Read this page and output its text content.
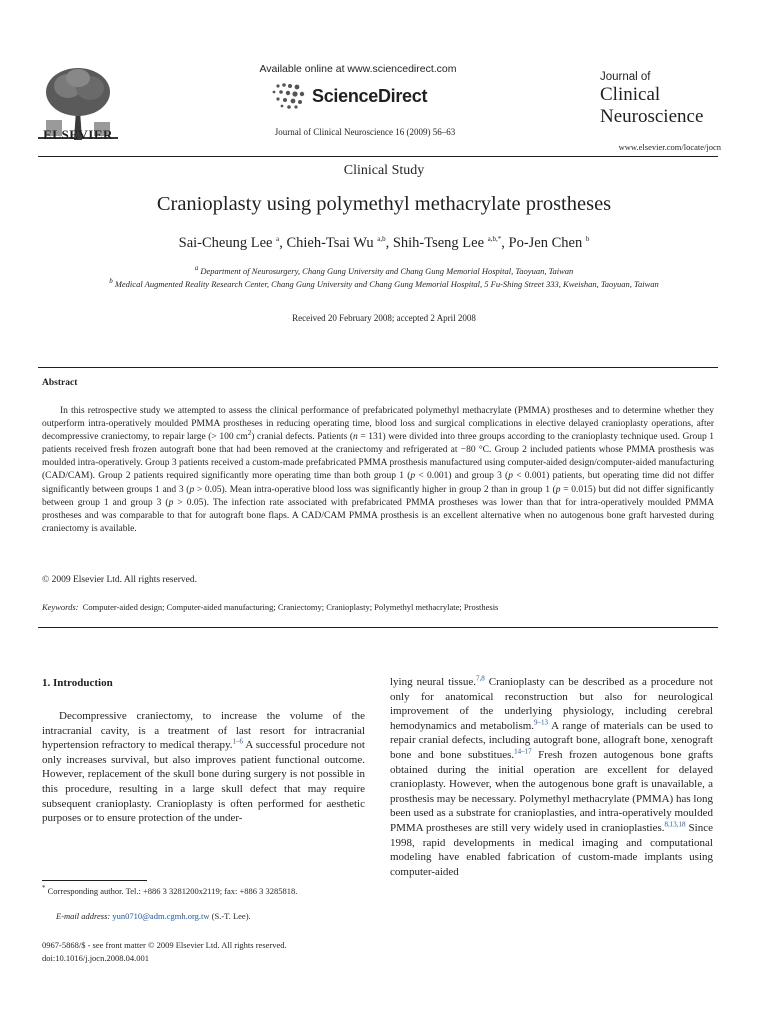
ELSEVIER
Available online at www.sciencedirect.com
ScienceDirect
Journal of Clinical Neuroscience 16 (2009) 56–63
Journal of
Clinical
Neuroscience
www.elsevier.com/locate/jocn
Clinical Study
Cranioplasty using polymethyl methacrylate prostheses
Sai-Cheung Lee $^a$, Chieh-Tsai Wu $^{a,b}$, Shih-Tseng Lee $^{a,b,*}$, Po-Jen Chen $^b$
$^a$ Department of Neurosurgery, Chang Gung University and Chang Gung Memorial Hospital, Taoyuan, Taiwan
$^b$ Medical Augmented Reality Research Center, Chang Gung University and Chang Gung Memorial Hospital, 5 Fu-Shing Street 333, Kweishan, Taoyuan, Taiwan
Received 20 February 2008; accepted 2 April 2008
Abstract

In this retrospective study we attempted to assess the clinical performance of prefabricated polymethyl methacrylate (PMMA) prostheses and to determine whether they outperform intra-operatively moulded PMMA prostheses in reducing operating time, blood loss and surgical complications in elective delayed cranioplasty operations, after decompressive craniectomy, to repair large (> 100 $cm^2$) cranial defects. Patients (n = 131) were divided into three groups according to the cranioplasty technique used. Group 1 patients received fresh frozen autograft bone that had been removed at the craniectomy and refrigerated at −80 °C. Group 2 included patients whose PMMA prosthesis was moulded intra-operatively. Group 3 patients received a custom-made prefabricated PMMA prosthesis manufactured using computer-aided design/computer-aided manufacturing (CAD/CAM). Group 2 patients required significantly more operating time than both group 1 (p < 0.001) and group 3 (p < 0.001) patients, but operating time did not differ significantly between groups 1 and 3 (p > 0.05). Mean intra-operative blood loss was significantly higher in group 2 than in group 1 (p = 0.015) but did not differ significantly between group 1 and group 3 (p > 0.05). The infection rate associated with prefabricated PMMA prostheses was lower than that for intra-operatively moulded PMMA prostheses and was comparable to that for autograft bone flaps. A CAD/CAM PMMA prosthesis is an excellent alternative when no autogenous bone graft harvested during craniectomy is available.

© 2009 Elsevier Ltd. All rights reserved.
Keywords: Computer-aided design; Computer-aided manufacturing; Craniectomy; Cranioplasty; Polymethyl methacrylate; Prosthesis
1. Introduction

Decompressive craniectomy, to increase the volume of the intracranial cavity, is a treatment of last resort for intracranial hypertension refractory to medical therapy.$^{1-6}$ A successful procedure not only increases survival, but also improves patient functional outcome. However, replacement of the skull bone during surgery is not possible in this procedure, resulting in a large skull defect that may require subsequent cranioplasty. Cranioplasty is often performed for aesthetic purposes or to ensure protection of the under-

lying neural tissue.$^{7,8}$ Cranioplasty can be described as a procedure not only for anatomical reconstruction but also for neurological improvement of the underlying physiology, including cerebral hemodynamics and metabolism.$^{9-13}$ A range of materials can be used to repair cranial defects, including autograft bone, allograft bone, xenograft bone and bone substitues.$^{14-17}$ Fresh frozen autogenous bone grafts obtained during the initial operation are excellent for delayed cranioplasty. However, when the autogenous bone graft is unavailable, a prosthesis may be necessary. Polymethyl methacrylate (PMMA) has long been used as a substrate for cranioplasties, and intra-operatively moulded PMMA prostheses are still very widely used in cranioplasties.$^{8,13,18}$ Since 1998, rapid developments in medical imaging and computational modeling have enabled fabrication of custom-made implants using computer-aided

* Corresponding author. Tel.: +886 3 3281200x2119; fax: +886 3 3285818.
E-mail address: yun0710@adm.cgmh.org.tw (S.-T. Lee).
0967-5868/$ - see front matter © 2009 Elsevier Ltd. All rights reserved.
doi:10.1016/j.jocn.2008.04.001
